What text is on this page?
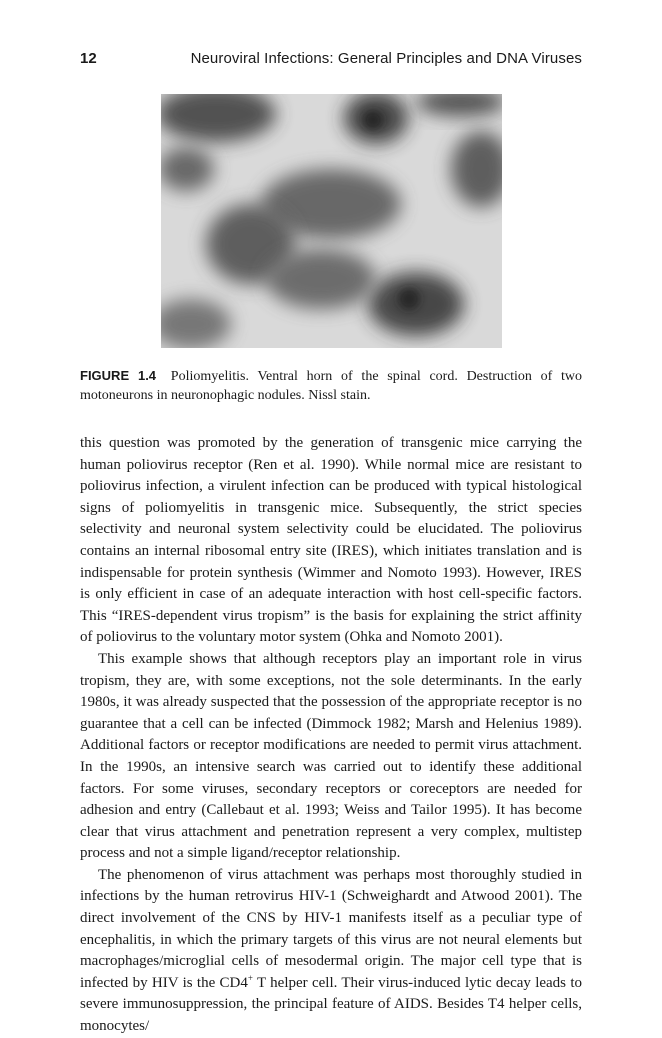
12	Neuroviral Infections: General Principles and DNA Viruses
FIGURE 1.4 Poliomyelitis. Ventral horn of the spinal cord. Destruction of two motoneurons in neuronophagic nodules. Nissl stain.

this question was promoted by the generation of transgenic mice carrying the human poliovirus receptor (Ren et al. 1990). While normal mice are resistant to poliovirus infection, a virulent infection can be produced with typical histological signs of poliomyelitis in transgenic mice. Subsequently, the strict species selectivity and neuronal system selectivity could be elucidated. The poliovirus contains an internal ribosomal entry site (IRES), which initiates translation and is indispensable for protein synthesis (Wimmer and Nomoto 1993). However, IRES is only efficient in case of an adequate interaction with host cell-specific factors. This “IRES-dependent virus tropism” is the basis for explaining the strict affinity of poliovirus to the voluntary motor system (Ohka and Nomoto 2001).

This example shows that although receptors play an important role in virus tropism, they are, with some exceptions, not the sole determinants. In the early 1980s, it was already suspected that the possession of the appropriate receptor is no guarantee that a cell can be infected (Dimmock 1982; Marsh and Helenius 1989). Additional factors or receptor modifications are needed to permit virus attachment. In the 1990s, an intensive search was carried out to identify these additional factors. For some viruses, secondary receptors or coreceptors are needed for adhesion and entry (Callebaut et al. 1993; Weiss and Tailor 1995). It has become clear that virus attachment and penetration represent a very complex, multistep process and not a simple ligand/receptor relationship.

The phenomenon of virus attachment was perhaps most thoroughly studied in infections by the human retrovirus HIV-1 (Schweighardt and Atwood 2001). The direct involvement of the CNS by HIV-1 manifests itself as a peculiar type of encephalitis, in which the primary targets of this virus are not neural elements but macrophages/microglial cells of mesodermal origin. The major cell type that is infected by HIV is the CD4+ T helper cell. Their virus-induced lytic decay leads to severe immunosuppression, the principal feature of AIDS. Besides T4 helper cells, monocytes/
